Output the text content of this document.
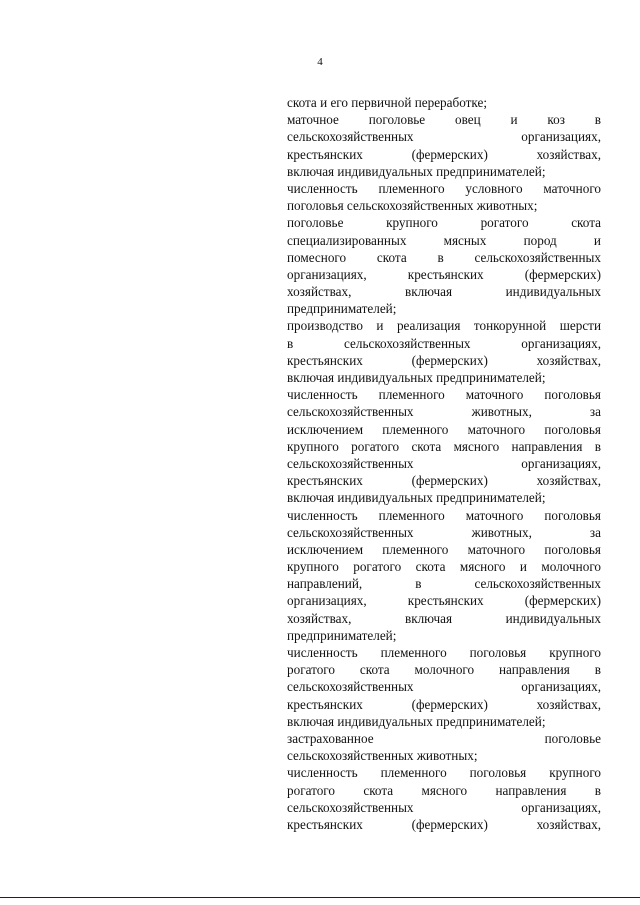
4
скота и его первичной переработке;
маточное поголовье овец и коз в
сельскохозяйственных организациях,
крестьянских (фермерских) хозяйствах,
включая индивидуальных предпринимателей;
численность племенного условного маточного
поголовья сельскохозяйственных животных;
поголовье крупного рогатого скота
специализированных мясных пород и
помесного скота в сельскохозяйственных
организациях, крестьянских (фермерских)
хозяйствах, включая индивидуальных
предпринимателей;
производство и реализация тонкорунной шерсти
в сельскохозяйственных организациях,
крестьянских (фермерских) хозяйствах,
включая индивидуальных предпринимателей;
численность племенного маточного поголовья
сельскохозяйственных животных, за
исключением племенного маточного поголовья
крупного рогатого скота мясного направления в
сельскохозяйственных организациях,
крестьянских (фермерских) хозяйствах,
включая индивидуальных предпринимателей;
численность племенного маточного поголовья
сельскохозяйственных животных, за
исключением племенного маточного поголовья
крупного рогатого скота мясного и молочного
направлений, в сельскохозяйственных
организациях, крестьянских (фермерских)
хозяйствах, включая индивидуальных
предпринимателей;
численность племенного поголовья крупного
рогатого скота молочного направления в
сельскохозяйственных организациях,
крестьянских (фермерских) хозяйствах,
включая индивидуальных предпринимателей;
застрахованное поголовье
сельскохозяйственных животных;
численность племенного поголовья крупного
рогатого скота мясного направления в
сельскохозяйственных организациях,
крестьянских (фермерских) хозяйствах,
